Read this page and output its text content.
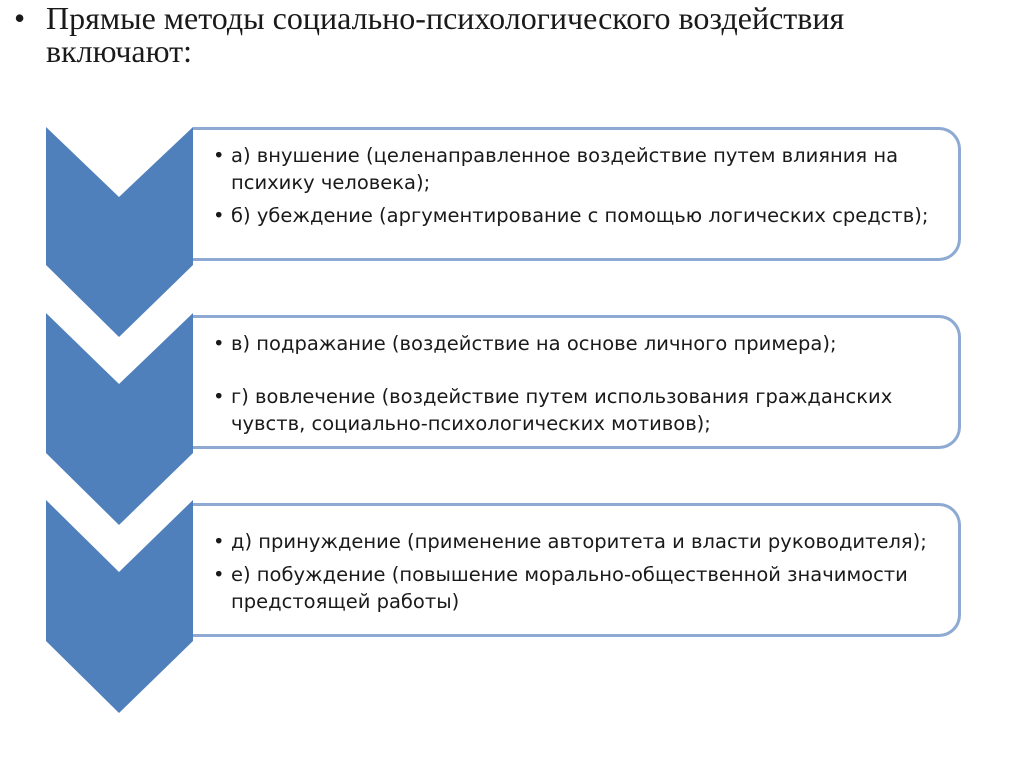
• Прямые методы социально-психологического воздействия включают:
• а) внушение (целенаправленное воздействие путем влияния на психику человека);
• б) убеждение (аргументирование с помощью логических средств);
• в) подражание (воздействие на основе личного примера);
• г) вовлечение (воздействие путем использования гражданских чувств, социально-психологических мотивов);
• д) принуждение (применение авторитета и власти руководителя);
• е) побуждение (повышение морально-общественной значимости предстоящей работы)
